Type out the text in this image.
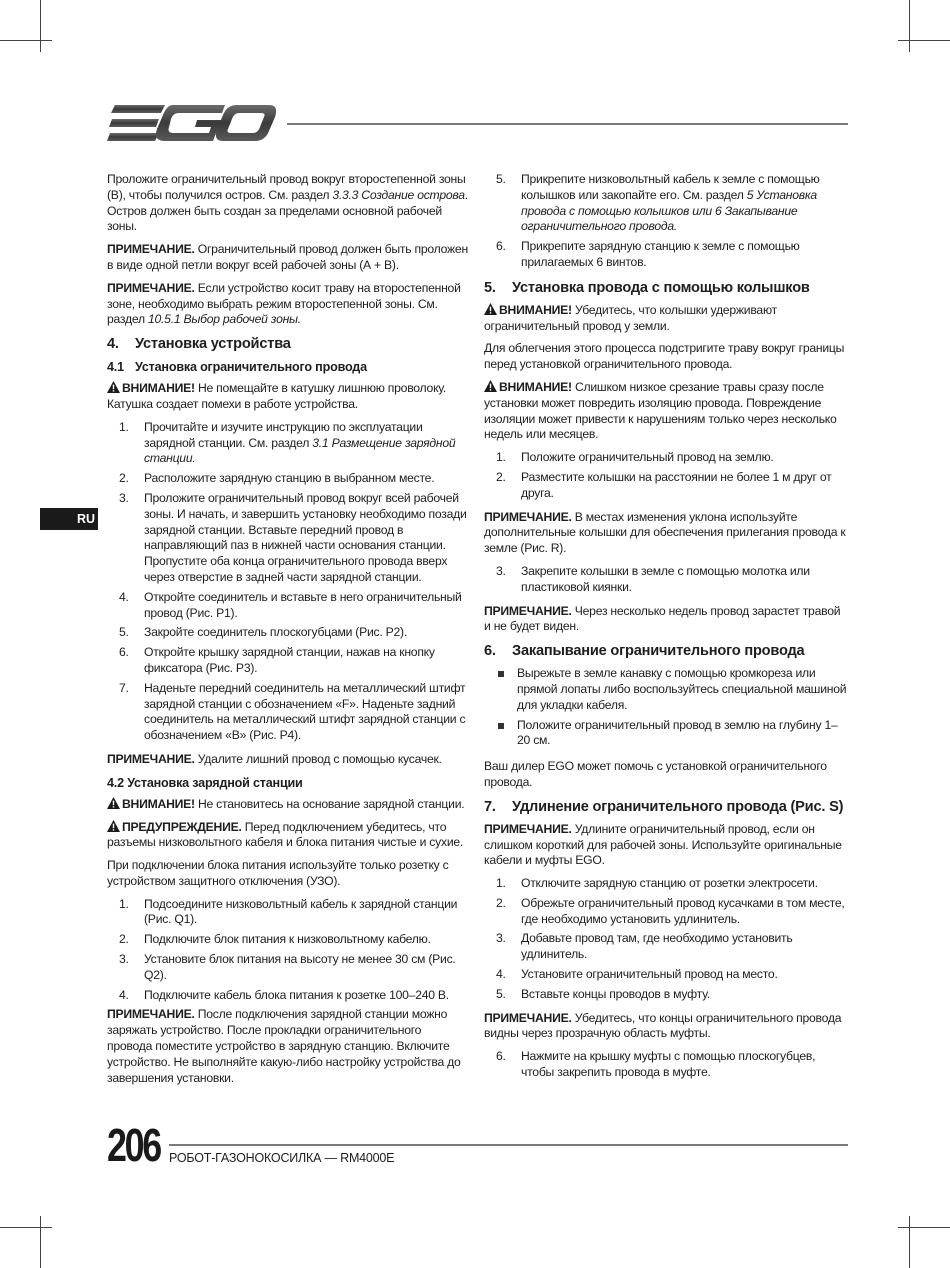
RU

Проложите ограничительный провод вокруг второстепенной зоны (B), чтобы получился остров. См. раздел 3.3.3 Создание острова. Остров должен быть создан за пределами основной рабочей зоны.

ПРИМЕЧАНИЕ. Ограничительный провод должен быть проложен в виде одной петли вокруг всей рабочей зоны (А + B).

ПРИМЕЧАНИЕ. Если устройство косит траву на второстепенной зоне, необходимо выбрать режим второстепенной зоны. См. раздел 10.5.1 Выбор рабочей зоны.

4. Установка устройства
4.1 Установка ограничительного провода

ВНИМАНИЕ! Не помещайте в катушку лишнюю проволоку. Катушка создает помехи в работе устройства.

1. Прочитайте и изучите инструкцию по эксплуатации зарядной станции. См. раздел 3.1 Размещение зарядной станции.
2. Расположите зарядную станцию в выбранном месте.
3. Проложите ограничительный провод вокруг всей рабочей зоны. И начать, и завершить установку необходимо позади зарядной станции. Вставьте передний провод в направляющий паз в нижней части основания станции. Пропустите оба конца ограничительного провода вверх через отверстие в задней части зарядной станции.
4. Откройте соединитель и вставьте в него ограничительный провод (Рис. P1).
5. Закройте соединитель плоскогубцами (Рис. P2).
6. Откройте крышку зарядной станции, нажав на кнопку фиксатора (Рис. P3).
7. Наденьте передний соединитель на металлический штифт зарядной станции с обозначением «F». Наденьте задний соединитель на металлический штифт зарядной станции с обозначением «B» (Рис. P4).

ПРИМЕЧАНИЕ. Удалите лишний провод с помощью кусачек.

4.2 Установка зарядной станции

ВНИМАНИЕ! Не становитесь на основание зарядной станции.

ПРЕДУПРЕЖДЕНИЕ. Перед подключением убедитесь, что разъемы низковольтного кабеля и блока питания чистые и сухие.

При подключении блока питания используйте только розетку с устройством защитного отключения (УЗО).

1. Подсоедините низковольтный кабель к зарядной станции (Рис. Q1).
2. Подключите блок питания к низковольтному кабелю.
3. Установите блок питания на высоту не менее 30 см (Рис. Q2).
4. Подключите кабель блока питания к розетке 100–240 В.

ПРИМЕЧАНИЕ. После подключения зарядной станции можно заряжать устройство. После прокладки ограничительного провода поместите устройство в зарядную станцию. Включите устройство. Не выполняйте какую-либо настройку устройства до завершения установки.

5. Прикрепите низковольтный кабель к земле с помощью колышков или закопайте его. См. раздел 5 Установка провода с помощью колышков или 6 Закапывание ограничительного провода.
6. Прикрепите зарядную станцию к земле с помощью прилагаемых 6 винтов.
5. Установка провода с помощью колышков

ВНИМАНИЕ! Убедитесь, что колышки удерживают ограничительный провод у земли.

Для облегчения этого процесса подстригите траву вокруг границы перед установкой ограничительного провода.

ВНИМАНИЕ! Слишком низкое срезание травы сразу после установки может повредить изоляцию провода. Повреждение изоляции может привести к нарушениям только через несколько недель или месяцев.

1. Положите ограничительный провод на землю.
2. Разместите колышки на расстоянии не более 1 м друг от друга.

ПРИМЕЧАНИЕ. В местах изменения уклона используйте дополнительные колышки для обеспечения прилегания провода к земле (Рис. R).

3. Закрепите колышки в земле с помощью молотка или пластиковой киянки.

ПРИМЕЧАНИЕ. Через несколько недель провод зарастет травой и не будет виден.

6. Закапывание ограничительного провода
Вырежьте в земле канавку с помощью кромкореза или прямой лопаты либо воспользуйтесь специальной машиной для укладки кабеля.
Положите ограничительный провод в землю на глубину 1–20 см.

Ваш дилер EGO может помочь с установкой ограничительного провода.

7. Удлинение ограничительного провода (Рис. S)

ПРИМЕЧАНИЕ. Удлините ограничительный провод, если он слишком короткий для рабочей зоны. Используйте оригинальные кабели и муфты EGO.

1. Отключите зарядную станцию от розетки электросети.
2. Обрежьте ограничительный провод кусачками в том месте, где необходимо установить удлинитель.
3. Добавьте провод там, где необходимо установить удлинитель.
4. Установите ограничительный провод на место.
5. Вставьте концы проводов в муфту.

ПРИМЕЧАНИЕ. Убедитесь, что концы ограничительного провода видны через прозрачную область муфты.

6. Нажмите на крышку муфты с помощью плоскогубцев, чтобы закрепить провода в муфте.
206 РОБОТ-ГАЗОНОКОСИЛКА — RM4000E
